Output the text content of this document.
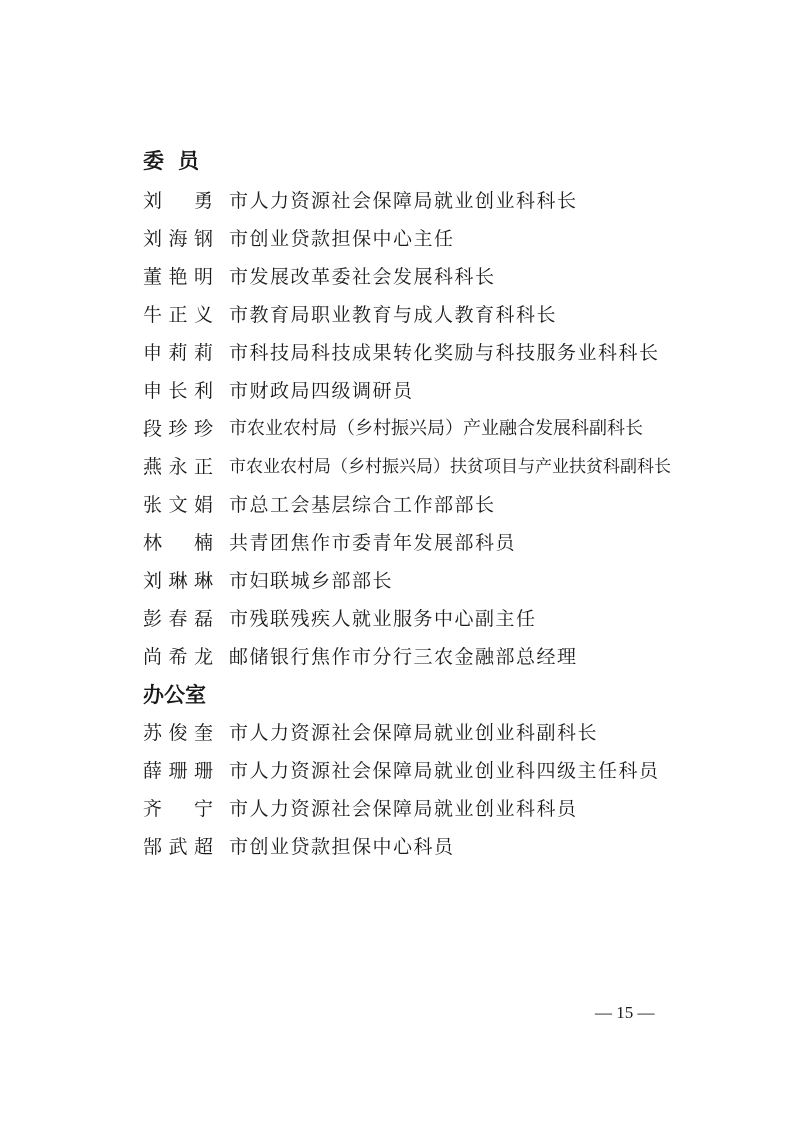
委员
刘勇 市人力资源社会保障局就业创业科科长
刘海钢 市创业贷款担保中心主任
董艳明 市发展改革委社会发展科科长
牛正义 市教育局职业教育与成人教育科科长
申莉莉 市科技局科技成果转化奖励与科技服务业科科长
申长利 市财政局四级调研员
段珍珍 市农业农村局（乡村振兴局）产业融合发展科副科长
燕永正 市农业农村局（乡村振兴局）扶贫项目与产业扶贫科副科长
张文娟 市总工会基层综合工作部部长
林楠 共青团焦作市委青年发展部科员
刘琳琳 市妇联城乡部部长
彭春磊 市残联残疾人就业服务中心副主任
尚希龙 邮储银行焦作市分行三农金融部总经理
办公室
苏俊奎 市人力资源社会保障局就业创业科副科长
薛珊珊 市人力资源社会保障局就业创业科四级主任科员
齐宁 市人力资源社会保障局就业创业科科员
郜武超 市创业贷款担保中心科员
— 15 —
